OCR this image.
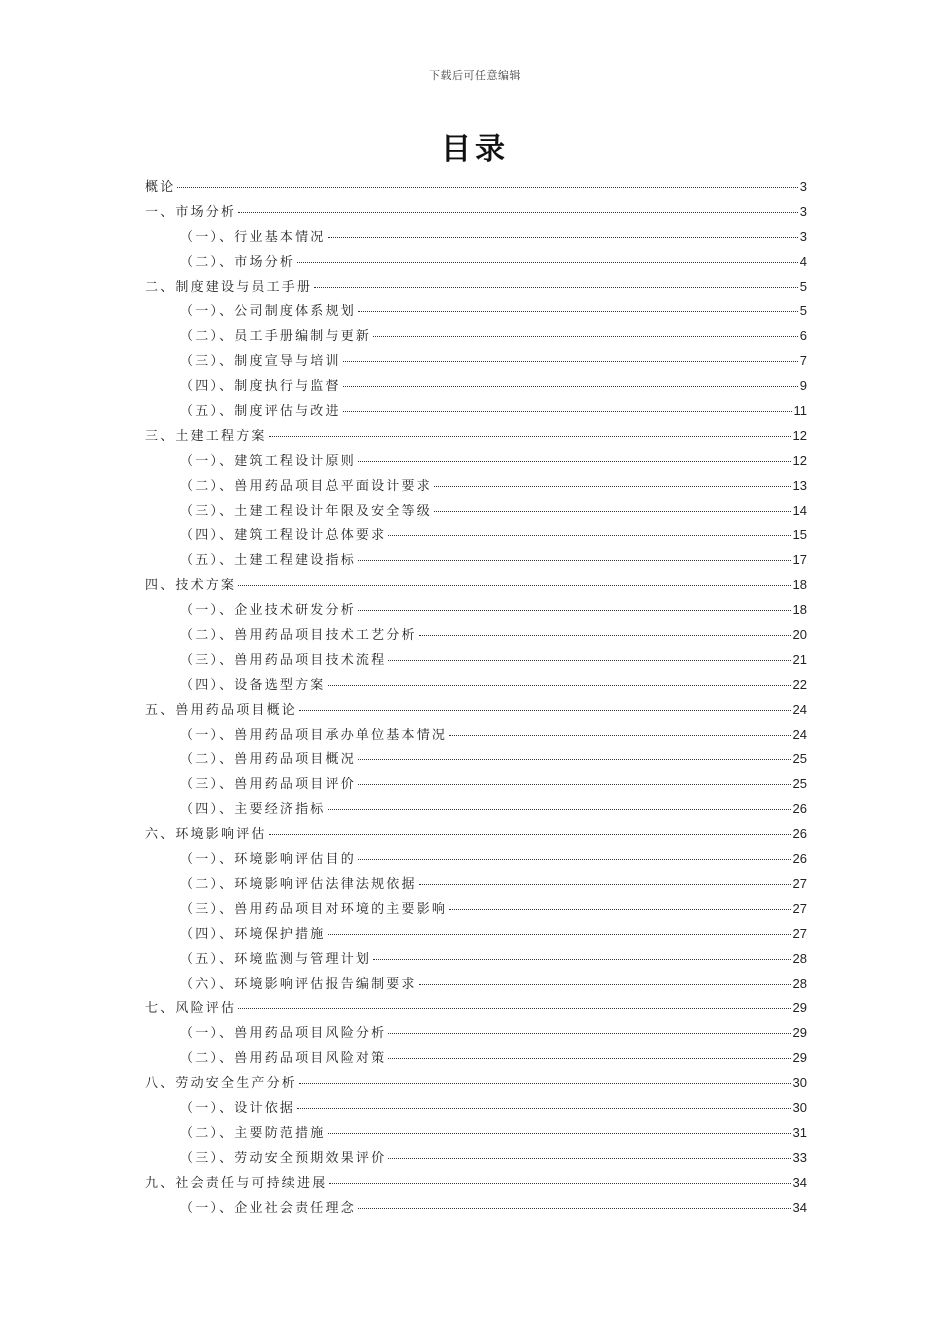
下载后可任意编辑
目录
概论	3
一、市场分析	3
（一）、行业基本情况	3
（二）、市场分析	4
二、制度建设与员工手册	5
（一）、公司制度体系规划	5
（二）、员工手册编制与更新	6
（三）、制度宣导与培训	7
（四）、制度执行与监督	9
（五）、制度评估与改进	11
三、土建工程方案	12
（一）、建筑工程设计原则	12
（二）、兽用药品项目总平面设计要求	13
（三）、土建工程设计年限及安全等级	14
（四）、建筑工程设计总体要求	15
（五）、土建工程建设指标	17
四、技术方案	18
（一）、企业技术研发分析	18
（二）、兽用药品项目技术工艺分析	20
（三）、兽用药品项目技术流程	21
（四）、设备选型方案	22
五、兽用药品项目概论	24
（一）、兽用药品项目承办单位基本情况	24
（二）、兽用药品项目概况	25
（三）、兽用药品项目评价	25
（四）、主要经济指标	26
六、环境影响评估	26
（一）、环境影响评估目的	26
（二）、环境影响评估法律法规依据	27
（三）、兽用药品项目对环境的主要影响	27
（四）、环境保护措施	27
（五）、环境监测与管理计划	28
（六）、环境影响评估报告编制要求	28
七、风险评估	29
（一）、兽用药品项目风险分析	29
（二）、兽用药品项目风险对策	29
八、劳动安全生产分析	30
（一）、设计依据	30
（二）、主要防范措施	31
（三）、劳动安全预期效果评价	33
九、社会责任与可持续进展	34
（一）、企业社会责任理念	34
